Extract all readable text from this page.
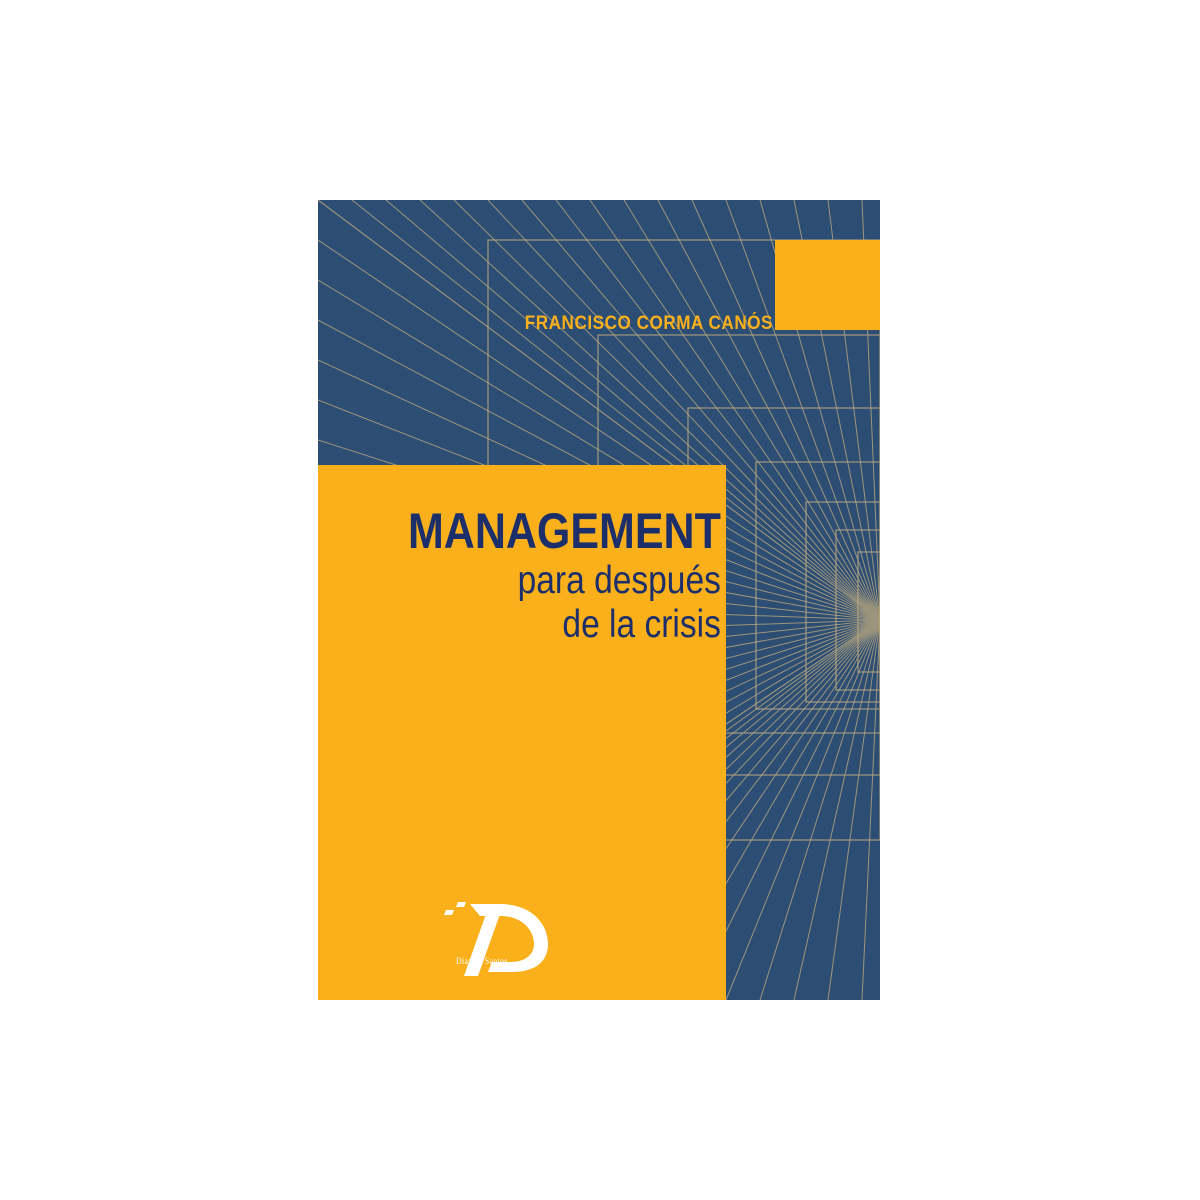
FRANCISCO CORMA CANÓS
MANAGEMENT
para después
de la crisis
Díaz de Santos
